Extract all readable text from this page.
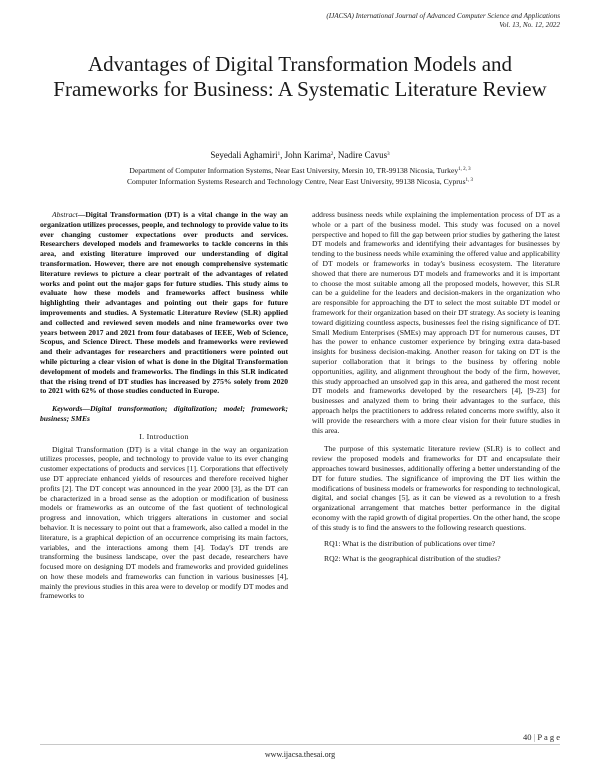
(IJACSA) International Journal of Advanced Computer Science and Applications
Vol. 13, No. 12, 2022
Advantages of Digital Transformation Models and Frameworks for Business: A Systematic Literature Review
Seyedali Aghamiri$^1$, John Karima$^2$, Nadire Cavus$^3$
Department of Computer Information Systems, Near East University, Mersin 10, TR-99138 Nicosia, Turkey$^{1, 2, 3}$
Computer Information Systems Research and Technology Centre, Near East University, 99138 Nicosia, Cyprus$^{1, 3}$

Abstract—Digital Transformation (DT) is a vital change in the way an organization utilizes processes, people, and technology to provide value to its ever changing customer expectations over products and services. Researchers developed models and frameworks to tackle concerns in this area, and existing literature improved our understanding of digital transformation. However, there are not enough comprehensive systematic literature reviews to picture a clear portrait of the advantages of related works and point out the major gaps for future studies. This study aims to evaluate how these models and frameworks affect business while highlighting their advantages and pointing out their gaps for future improvements and studies. A Systematic Literature Review (SLR) applied and collected and reviewed seven models and nine frameworks over two years between 2017 and 2021 from four databases of IEEE, Web of Science, Scopus, and Science Direct. These models and frameworks were reviewed and their advantages for researchers and practitioners were pointed out while picturing a clear vision of what is done in the Digital Transformation development of models and frameworks. The findings in this SLR indicated that the rising trend of DT studies has increased by 275% solely from 2020 to 2021 with 62% of those studies conducted in Europe.

Keywords—Digital transformation; digitalization; model; framework; business; SMEs

I. Introduction

Digital Transformation (DT) is a vital change in the way an organization utilizes processes, people, and technology to provide value to its ever changing customer expectations of products and services [1]. Corporations that effectively use DT appreciate enhanced yields of resources and therefore received higher profits [2]. The DT concept was announced in the year 2000 [3], as the DT can be characterized in a broad sense as the adoption or modification of business models or frameworks as an outcome of the fast quotient of technological progress and innovation, which triggers alterations in customer and social behavior. It is necessary to point out that a framework, also called a model in the literature, is a graphical depiction of an occurrence comprising its main factors, variables, and the interactions among them [4]. Today's DT trends are transforming the business landscape, over the past decade, researchers have focused more on designing DT models and frameworks and provided guidelines on how these models and frameworks can function in various businesses [4], mainly the previous studies in this area were to develop or modify DT modes and frameworks to

address business needs while explaining the implementation process of DT as a whole or a part of the business model. This study was focused on a novel perspective and hoped to fill the gap between prior studies by gathering the latest DT models and frameworks and identifying their advantages for businesses by tending to the business needs while examining the offered value and applicability of DT models or frameworks in today's business ecosystem. The literature showed that there are numerous DT models and frameworks and it is important to choose the most suitable among all the proposed models, however, this SLR can be a guideline for the leaders and decision-makers in the organization who are responsible for approaching the DT to select the most suitable DT model or framework for their organization based on their DT strategy. As society is leaning toward digitizing countless aspects, businesses feel the rising significance of DT. Small Medium Enterprises (SMEs) may approach DT for numerous causes, DT has the power to enhance customer experience by bringing extra data-based insights for business decision-making. Another reason for taking on DT is the superior collaboration that it brings to the business by offering noble opportunities, agility, and alignment throughout the body of the firm, however, this study approached an unsolved gap in this area, and gathered the most recent DT models and frameworks developed by the researchers [4], [9-23] for businesses and analyzed them to bring their advantages to the surface, this approach helps the practitioners to address related concerns more swiftly, also it will provide the researchers with a more clear vision for their future studies in this area.

The purpose of this systematic literature review (SLR) is to collect and review the proposed models and frameworks for DT and encapsulate their approaches toward businesses, additionally offering a better understanding of the DT for future studies. The significance of improving the DT lies within the modifications of business models or frameworks for responding to technological, digital, and social changes [5], as it can be viewed as a revolution to a fresh organizational arrangement that matches better performance in the digital economy with the rapid growth of digital properties. On the other hand, the scope of this study is to find the answers to the following research questions.

RQ1: What is the distribution of publications over time?

RQ2: What is the geographical distribution of the studies?

40 | P a g e
www.ijacsa.thesai.org
